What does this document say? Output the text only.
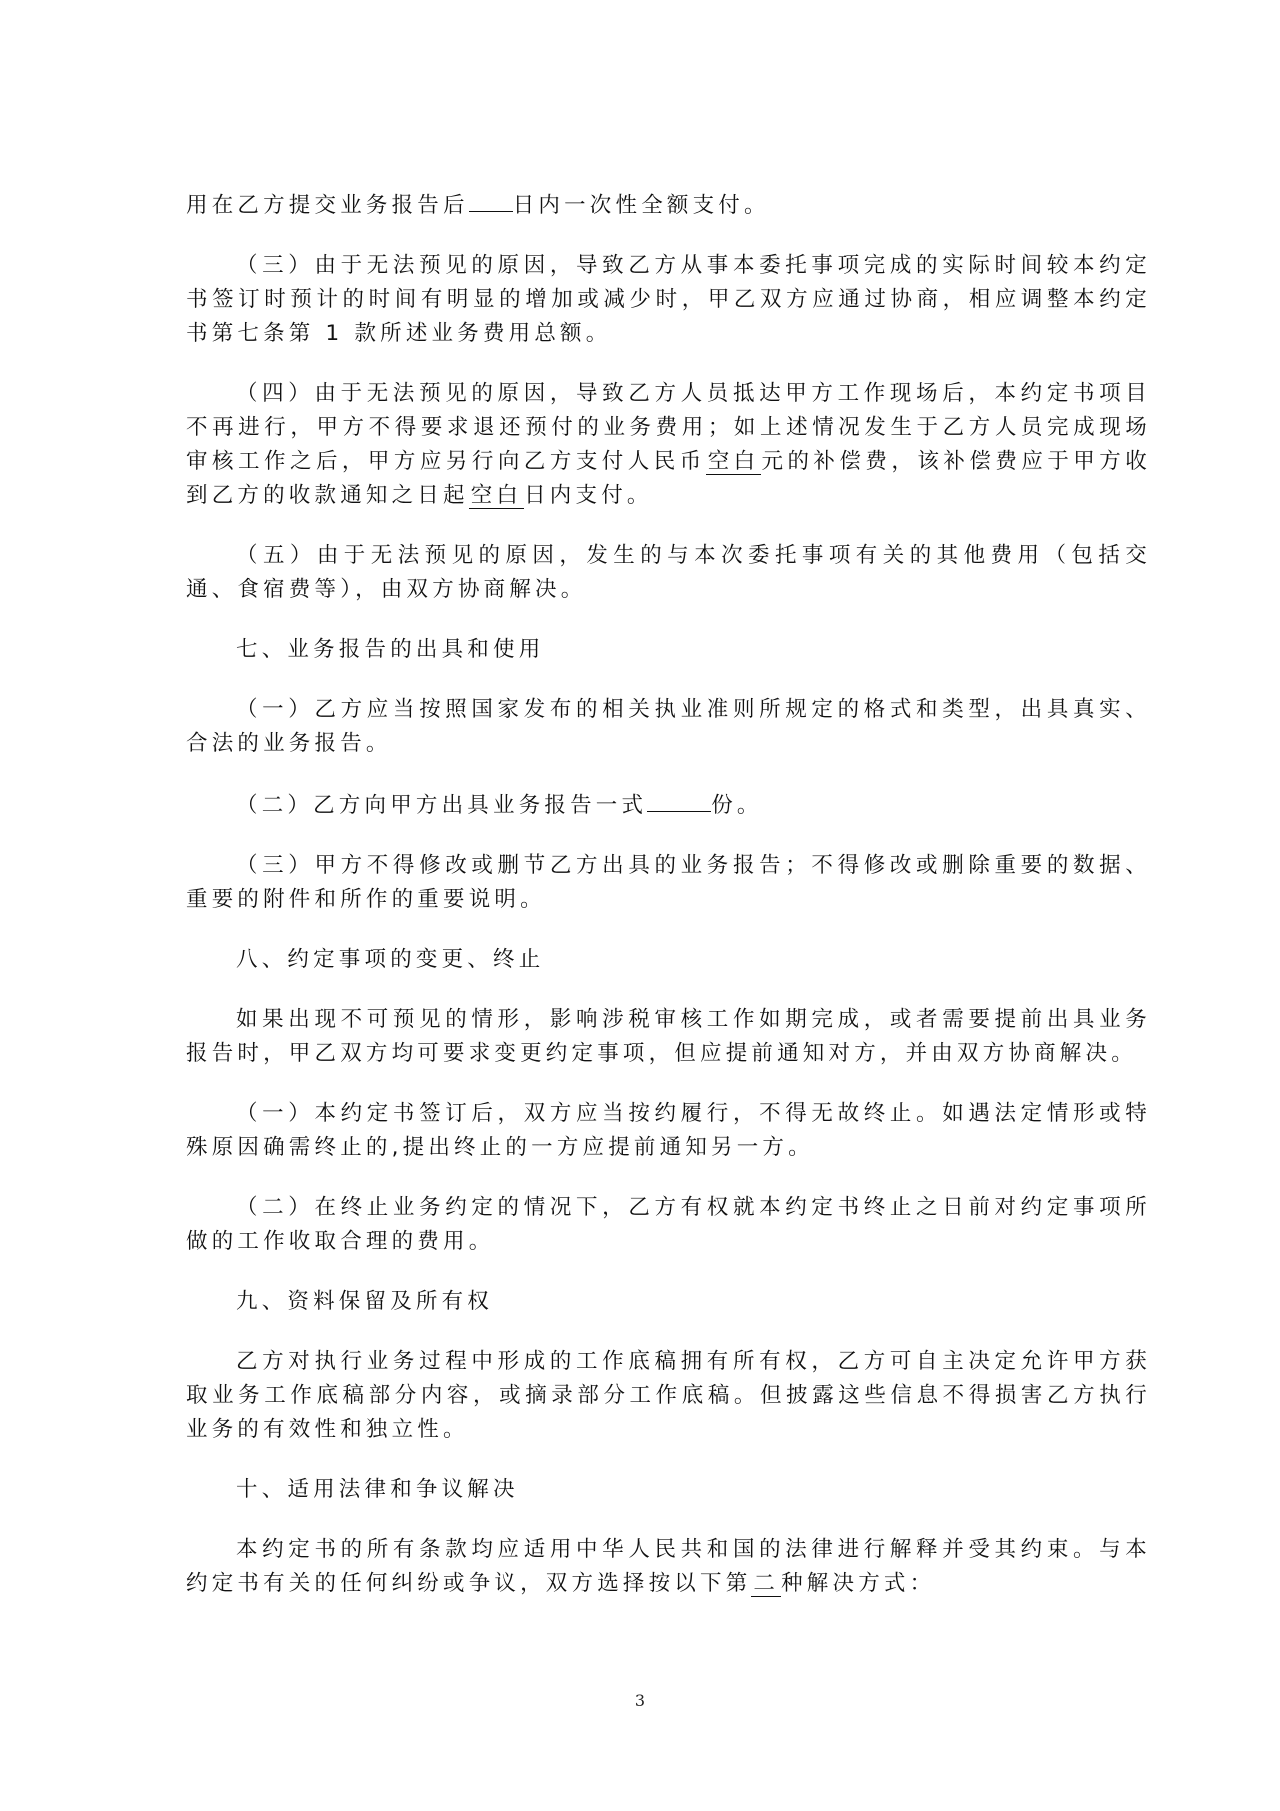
用在乙方提交业务报告后 日内一次性全额支付。

（三）由于无法预见的原因，导致乙方从事本委托事项完成的实际时间较本约定书签订时预计的时间有明显的增加或减少时，甲乙双方应通过协商，相应调整本约定书第七条第 1 款所述业务费用总额。

（四）由于无法预见的原因，导致乙方人员抵达甲方工作现场后，本约定书项目不再进行，甲方不得要求退还预付的业务费用；如上述情况发生于乙方人员完成现场审核工作之后，甲方应另行向乙方支付人民币空白元的补偿费，该补偿费应于甲方收到乙方的收款通知之日起空白日内支付。

（五）由于无法预见的原因，发生的与本次委托事项有关的其他费用（包括交通、食宿费等），由双方协商解决。

七、业务报告的出具和使用

（一）乙方应当按照国家发布的相关执业准则所规定的格式和类型，出具真实、合法的业务报告。

（二）乙方向甲方出具业务报告一式	份。

（三）甲方不得修改或删节乙方出具的业务报告；不得修改或删除重要的数据、重要的附件和所作的重要说明。

八、约定事项的变更、终止

如果出现不可预见的情形，影响涉税审核工作如期完成，或者需要提前出具业务报告时，甲乙双方均可要求变更约定事项，但应提前通知对方，并由双方协商解决。

（一）本约定书签订后，双方应当按约履行，不得无故终止。如遇法定情形或特殊原因确需终止的,提出终止的一方应提前通知另一方。

（二）在终止业务约定的情况下，乙方有权就本约定书终止之日前对约定事项所做的工作收取合理的费用。

九、资料保留及所有权

乙方对执行业务过程中形成的工作底稿拥有所有权，乙方可自主决定允许甲方获取业务工作底稿部分内容，或摘录部分工作底稿。但披露这些信息不得损害乙方执行业务的有效性和独立性。

十、适用法律和争议解决

本约定书的所有条款均应适用中华人民共和国的法律进行解释并受其约束。与本约定书有关的任何纠纷或争议，双方选择按以下第二种解决方式：

3
